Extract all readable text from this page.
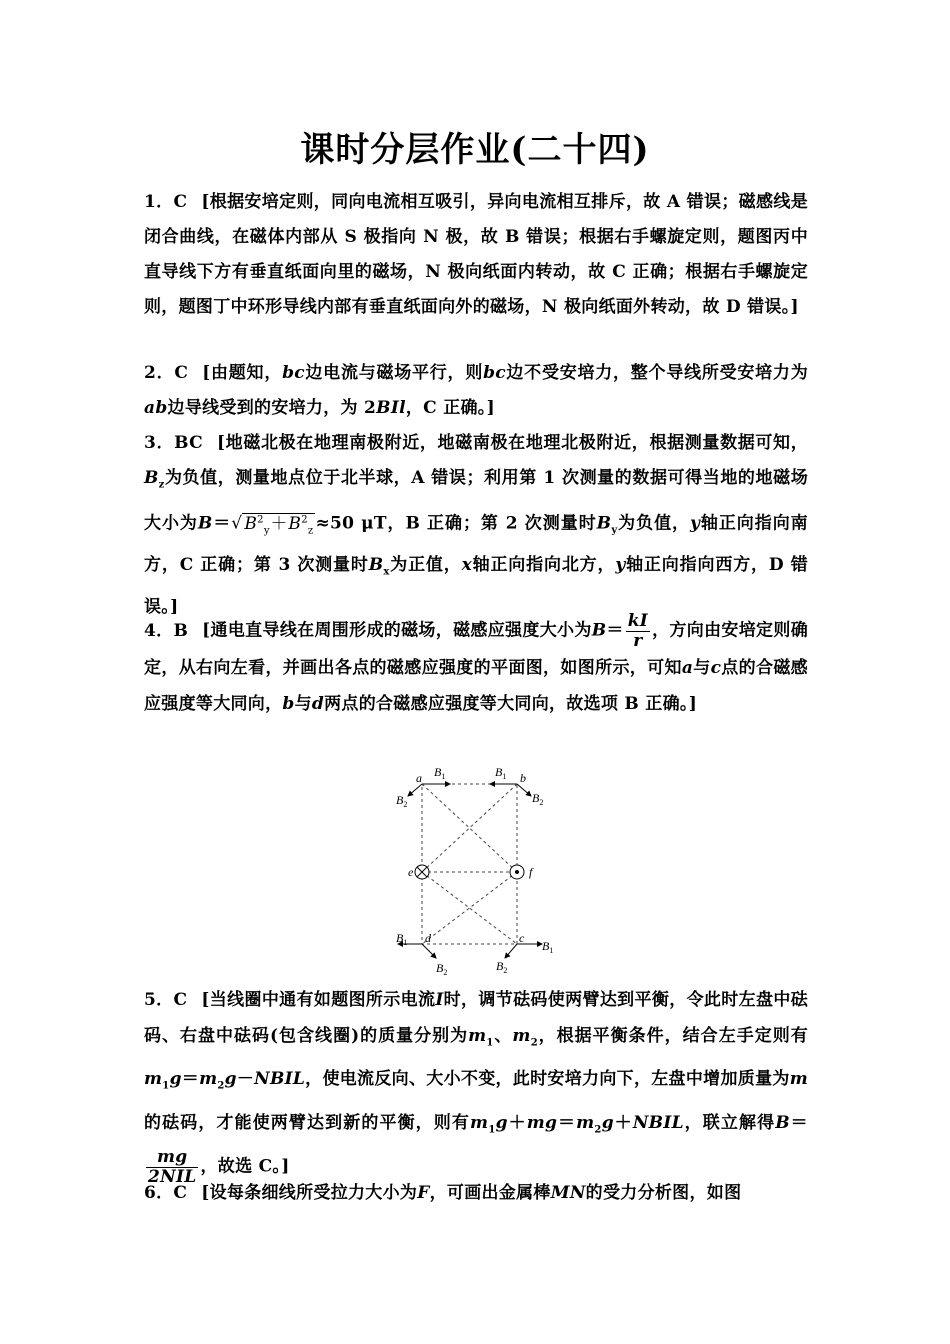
课时分层作业(二十四)
1．C [根据安培定则，同向电流相互吸引，异向电流相互排斥，故 A 错误；磁感线是闭合曲线，在磁体内部从 S 极指向 N 极，故 B 错误；根据右手螺旋定则，题图丙中直导线下方有垂直纸面向里的磁场，N 极向纸面内转动，故 C 正确；根据右手螺旋定则，题图丁中环形导线内部有垂直纸面向外的磁场，N 极向纸面外转动，故 D 错误。]
2．C [由题知，bc边电流与磁场平行，则bc边不受安培力，整个导线所受安培力为ab边导线受到的安培力，为 2BIl，C 正确。]
3．BC [地磁北极在地理南极附近，地磁南极在地理北极附近，根据测量数据可知，$B_z$为负值，测量地点位于北半球，A 错误；利用第 1 次测量的数据可得当地的地磁场大小为B＝√ $B^2_y+B^2_z \approx 50$ μT，B 正确；第 2 次测量时$B_y$为负值，y轴正向指向南方，C 正确；第 3 次测量时$B_x$为正值，x轴正向指向北方，y轴正向指向西方，D 错误。]
4．B [通电直导线在周围形成的磁场，磁感应强度大小为$B= \frac{kI}{r}$ ，方向由安培定则确定，从右向左看，并画出各点的磁感应强度的平面图，如图所示，可知a与c点的合磁感应强度等大同向，b与d两点的合磁感应强度等大同向，故选项 B 正确。]
a	b
c
d
e	f
$B_1$
$B_2$
$B_1$
$B_2$
$B_1$
$B_2$
$B_1$
$B_2$
5．C [当线圈中通有如题图所示电流I时，调节砝码使两臂达到平衡，令此时左盘中砝码、右盘中砝码(包含线圈)的质量分别为$m_1$、$m_2$，根据平衡条件，结合左手定则有$m_1g=m_2g-NBIL$，使电流反向、大小不变，此时安培力向下，左盘中增加质量为m的砝码，才能使两臂达到新的平衡，则有$m_1g+mg=m_2g+NBIL$，联立解得B＝
$\frac{mg}{\text{2NIL}}$ ，故选 C。]
6．C [设每条细线所受拉力大小为F，可画出金属棒MN的受力分析图，如图
